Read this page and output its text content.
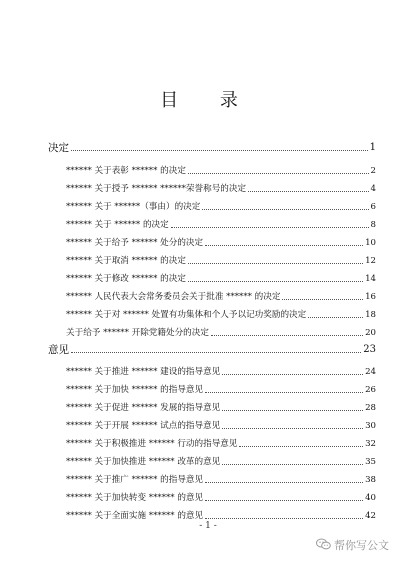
目 录
决定	1
****** 关于表彰 ****** 的决定	2
****** 关于授予 ****** ******荣誉称号的决定	4
****** 关于 ******（事由）的决定	6
****** 关于 ****** 的决定	8
****** 关于给予 ****** 处分的决定	10
****** 关于取消 ****** 的决定	12
****** 关于修改 ****** 的决定	14
****** 人民代表大会常务委员会关于批准 ****** 的决定	16
****** 关于对 ****** 处置有功集体和个人予以记功奖励的决定	18
关于给予 ****** 开除党籍处分的决定	20
意见	23
****** 关于推进 ****** 建设的指导意见	24
****** 关于加快 ****** 的指导意见	26
****** 关于促进 ****** 发展的指导意见	28
****** 关于开展 ****** 试点的指导意见	30
****** 关于积极推进 ****** 行动的指导意见	32
****** 关于加快推进 ****** 改革的意见	35
****** 关于推广 ****** 的指导意见	38
****** 关于加快转变 ****** 的意见	40
****** 关于全面实施 ****** 的意见	42
- 1 -
帮你写公文
